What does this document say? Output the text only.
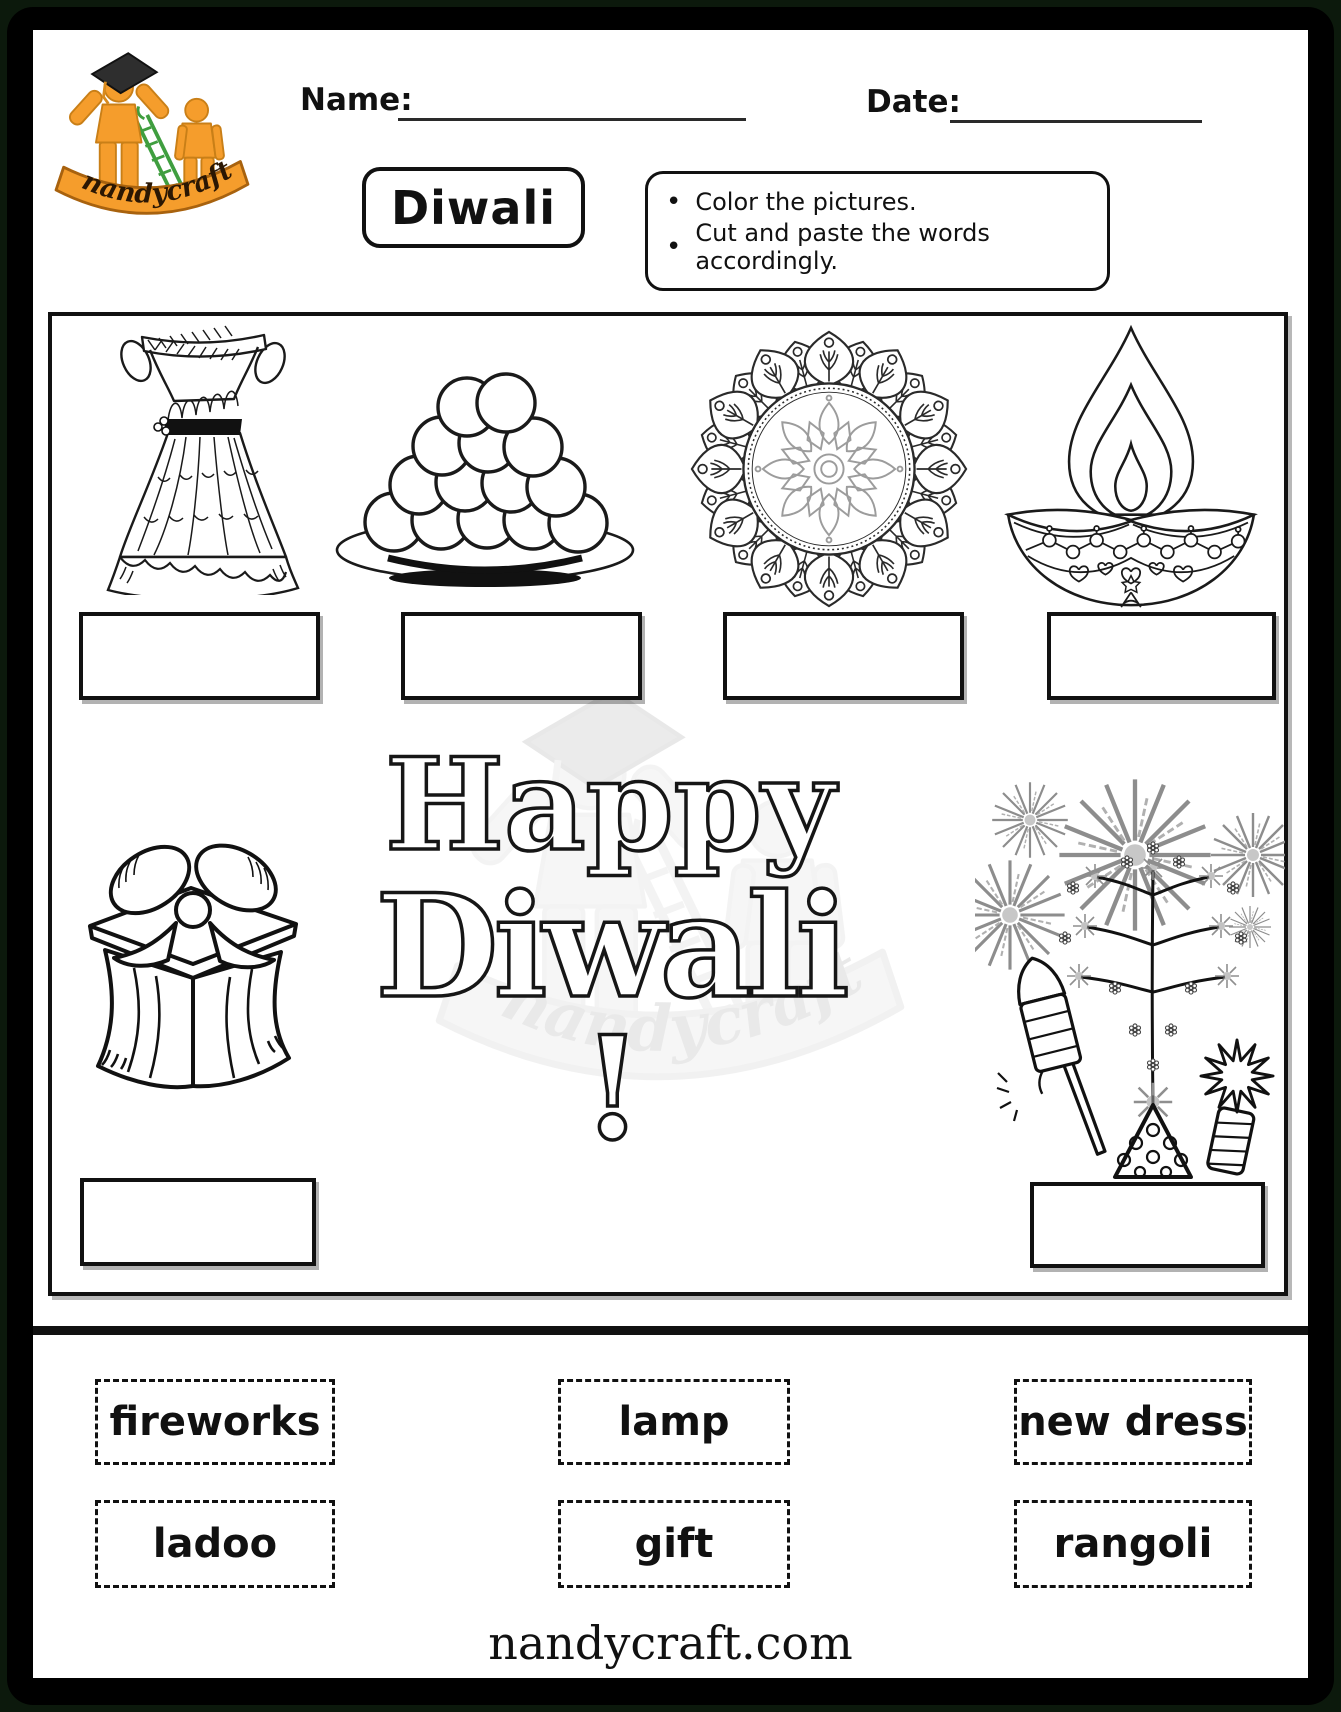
Name:	Date:
Diwali	• Color the pictures.
• Cut and paste the words accordingly.
Happy
Diwali !
fireworks	lamp	new dress
ladoo	gift	rangoli
nandycraft.com
